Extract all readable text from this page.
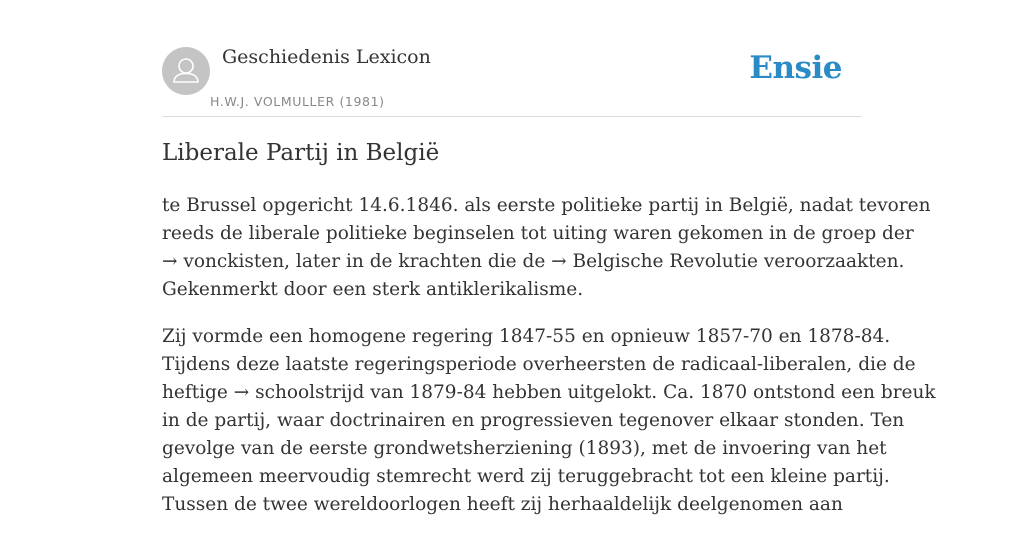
Geschiedenis Lexicon
H.W.J. VOLMULLER (1981)
Ensie
Liberale Partij in België

te Brussel opgericht 14.6.1846. als eerste politieke partij in België, nadat tevoren
reeds de liberale politieke beginselen tot uiting waren gekomen in de groep der
→ vonckisten, later in de krachten die de → Belgische Revolutie veroorzaakten.
Gekenmerkt door een sterk antiklerikalisme.

Zij vormde een homogene regering 1847-55 en opnieuw 1857-70 en 1878-84.
Tijdens deze laatste regeringsperiode overheersten de radicaal-liberalen, die de
heftige → schoolstrijd van 1879-84 hebben uitgelokt. Ca. 1870 ontstond een breuk
in de partij, waar doctrinairen en progressieven tegenover elkaar stonden. Ten
gevolge van de eerste grondwetsherziening (1893), met de invoering van het
algemeen meervoudig stemrecht werd zij teruggebracht tot een kleine partij.
Tussen de twee wereldoorlogen heeft zij herhaaldelijk deelgenomen aan
